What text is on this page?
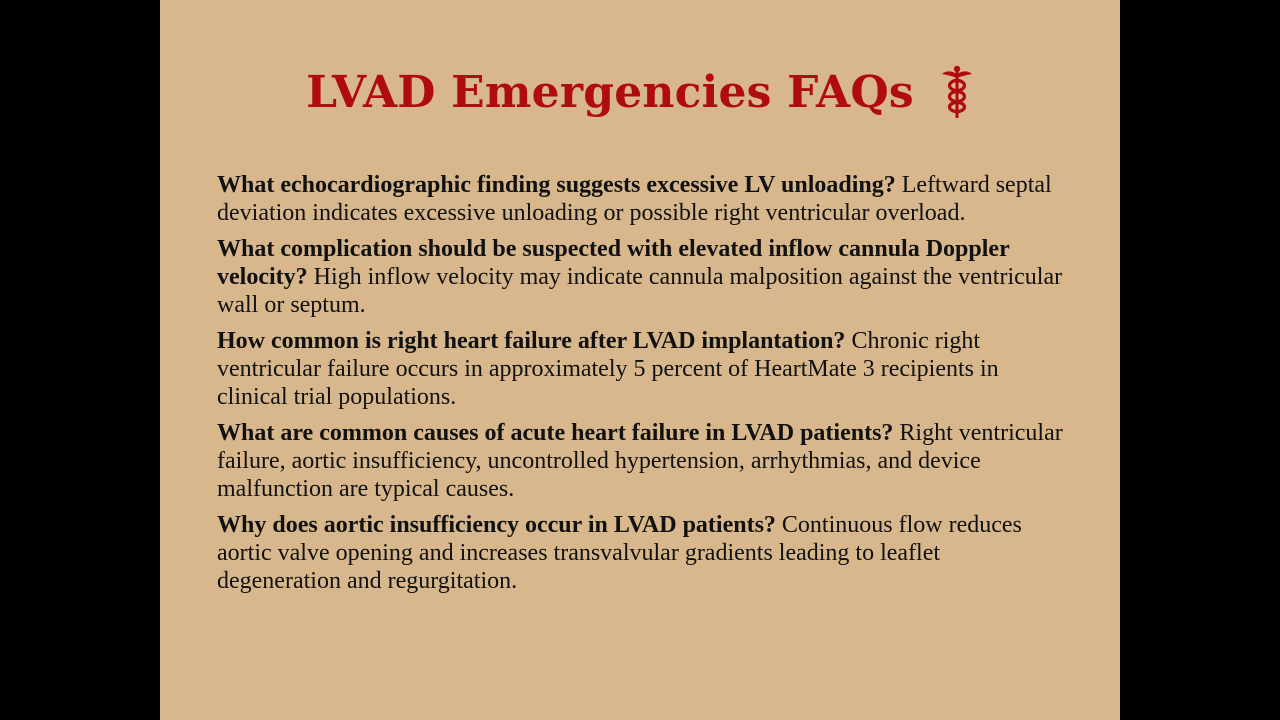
LVAD Emergencies FAQs
What echocardiographic finding suggests excessive LV unloading? Leftward septal deviation indicates excessive unloading or possible right ventricular overload.
What complication should be suspected with elevated inflow cannula Doppler velocity? High inflow velocity may indicate cannula malposition against the ventricular wall or septum.
How common is right heart failure after LVAD implantation? Chronic right ventricular failure occurs in approximately 5 percent of HeartMate 3 recipients in clinical trial populations.
What are common causes of acute heart failure in LVAD patients? Right ventricular failure, aortic insufficiency, uncontrolled hypertension, arrhythmias, and device malfunction are typical causes.
Why does aortic insufficiency occur in LVAD patients? Continuous flow reduces aortic valve opening and increases transvalvular gradients leading to leaflet degeneration and regurgitation.
